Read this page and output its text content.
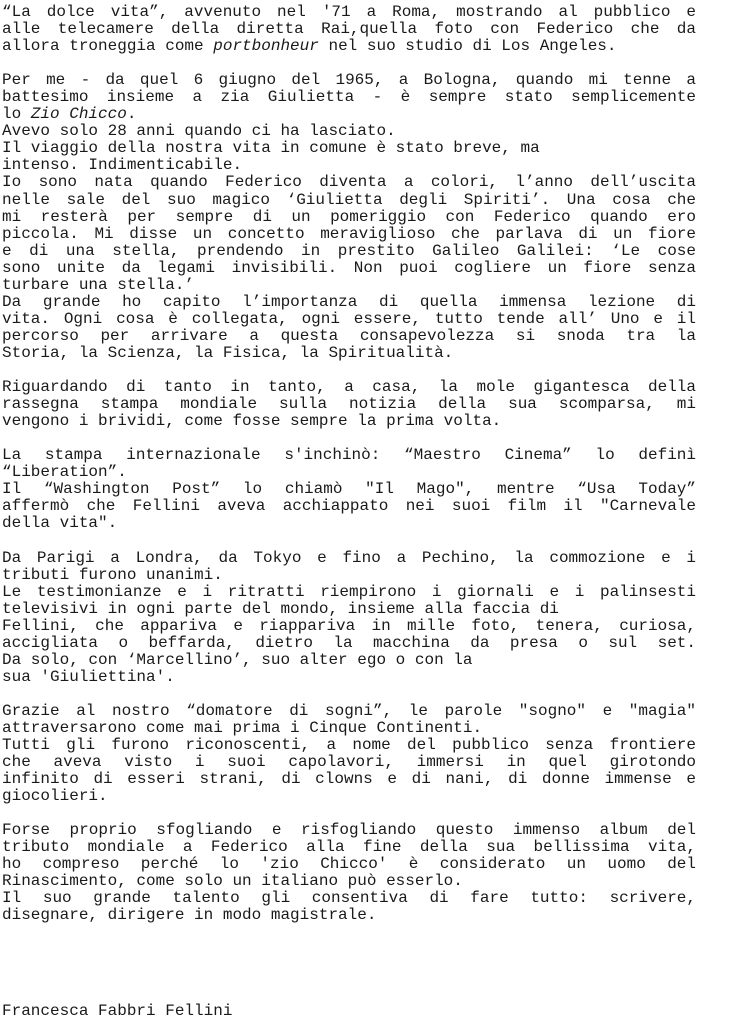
“La dolce vita”, avvenuto nel '71 a Roma, mostrando al pubblico e
alle telecamere della diretta Rai,quella foto con Federico che da
allora troneggia come portbonheur nel suo studio di Los Angeles.
Per me - da quel 6 giugno del 1965, a Bologna, quando mi tenne a
battesimo insieme a zia Giulietta - è sempre stato semplicemente
lo Zio Chicco.
Avevo solo 28 anni quando ci ha lasciato.
Il viaggio della nostra vita in comune è stato breve, ma
intenso. Indimenticabile.
Io sono nata quando Federico diventa a colori, l’anno dell’uscita
nelle sale del suo magico ‘Giulietta degli Spiriti’. Una cosa che
mi resterà per sempre di un pomeriggio con Federico quando ero
piccola. Mi disse un concetto meraviglioso che parlava di un fiore
e di una stella, prendendo in prestito Galileo Galilei: ‘Le cose
sono unite da legami invisibili. Non puoi cogliere un fiore senza
turbare una stella.’
Da grande ho capito l’importanza di quella immensa lezione di
vita. Ogni cosa è collegata, ogni essere, tutto tende all’ Uno e il
percorso per arrivare a questa consapevolezza si snoda tra la
Storia, la Scienza, la Fisica, la Spiritualità.
Riguardando di tanto in tanto, a casa, la mole gigantesca della
rassegna stampa mondiale sulla notizia della sua scomparsa, mi
vengono i brividi, come fosse sempre la prima volta.
La stampa internazionale s'inchinò: “Maestro Cinema” lo definì
“Liberation”.
Il “Washington Post” lo chiamò "Il Mago", mentre “Usa Today”
affermò che Fellini aveva acchiappato nei suoi film il "Carnevale
della vita".
Da Parigi a Londra, da Tokyo e fino a Pechino, la commozione e i
tributi furono unanimi.
Le testimonianze e i ritratti riempirono i giornali e i palinsesti
televisivi in ogni parte del mondo, insieme alla faccia di
Fellini, che appariva e riappariva in mille foto, tenera, curiosa,
accigliata o beffarda, dietro la macchina da presa o sul set.
Da solo, con ‘Marcellino’, suo alter ego o con la
sua 'Giuliettina'.
Grazie al nostro “domatore di sogni”, le parole "sogno" e "magia"
attraversarono come mai prima i Cinque Continenti.
Tutti gli furono riconoscenti, a nome del pubblico senza frontiere
che aveva visto i suoi capolavori, immersi in quel girotondo
infinito di esseri strani, di clowns e di nani, di donne immense e
giocolieri.
Forse proprio sfogliando e risfogliando questo immenso album del
tributo mondiale a Federico alla fine della sua bellissima vita,
ho compreso perché lo 'zio Chicco' è considerato un uomo del
Rinascimento, come solo un italiano può esserlo.
Il suo grande talento gli consentiva di fare tutto: scrivere,
disegnare, dirigere in modo magistrale.
Francesca Fabbri Fellini
